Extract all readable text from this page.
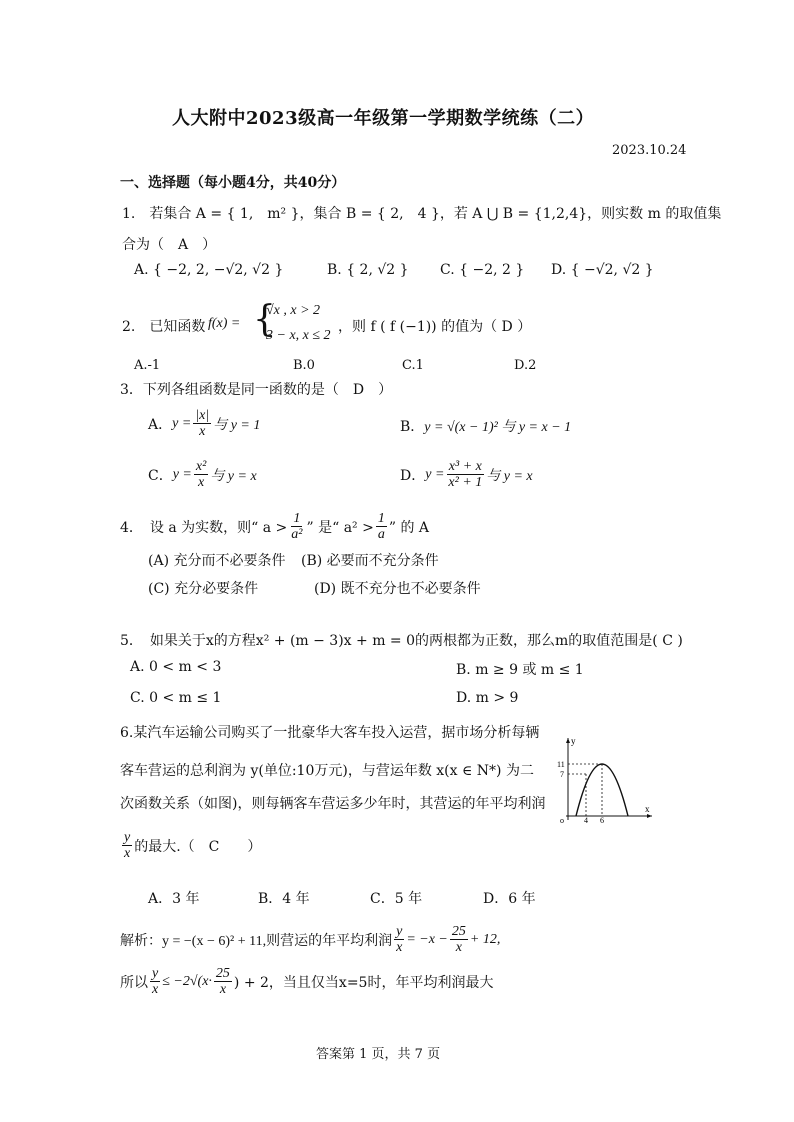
人大附中2023级高一年级第一学期数学统练（二）
2023.10.24
一、选择题（每小题4分，共40分）
1.　若集合 A = { 1,　m² }，集合 B = { 2,　4 }，若 A ⋃ B = {1,2,4}，则实数 m 的取值集
合为（　A　）
A. { −2, 2, −√2, √2 }	B. { 2, √2 } C. { −2, 2 } D. { −√2, √2 }
2.　已知函数 f(x) = {
√x , x > 2
3 − x, x ≤ 2
，则 f ( f (−1)) 的值为（ D ）
A.-1	B.0	C.1	D.2
3．下列各组函数是同一函数的是（　D　）
A． $y = \frac{|x|}{x}$ 与 y = 1	B． y = √(x − 1)² 与 y = x − 1
C． $y = \frac{\text{x²}}{x}$ 与 y = x	D． $y = \frac{\text{x³ + x}}{\text{x² + 1}}$ 与 y = x
4．　设 a 为实数，则“ $a > \frac{1}{\text{a²}}$ ” 是“ $a^2 > \frac{1}{a}$ ” 的 A
(A) 充分而不必要条件 (B) 必要而不充分条件
(C) 充分必要条件	(D) 既不充分也不必要条件
5．　如果关于x的方程x² + (m − 3)x + m = 0的两根都为正数，那么m的取值范围是( C )
A. 0 < m < 3	B. m ≥ 9 或 m ≤ 1
C. 0 < m ≤ 1	D. m > 9
6.某汽车运输公司购买了一批豪华大客车投入运营，据市场分析每辆
客车营运的总利润为 y(单位:10万元)，与营运年数 x(x ∈ N*) 为二
次函数关系（如图)，则每辆客车营运多少年时，其营运的年平均利润
$\frac{y}{x}$ 的最大.（　C　　）
A．3 年	B．4 年	C．5 年	D．6 年
y
x
o
11
7
4 6
解析：y = −(x − 6)² + 11,则营运的年平均利润 $\frac{y}{x} = -x - \frac{25}{x} + 12$,
所以 $\frac{y}{x} \le -2√(x\cdot \frac{25}{x}$ ) + 2，当且仅当x=5时，年平均利润最大
答案第 1 页，共 7 页
